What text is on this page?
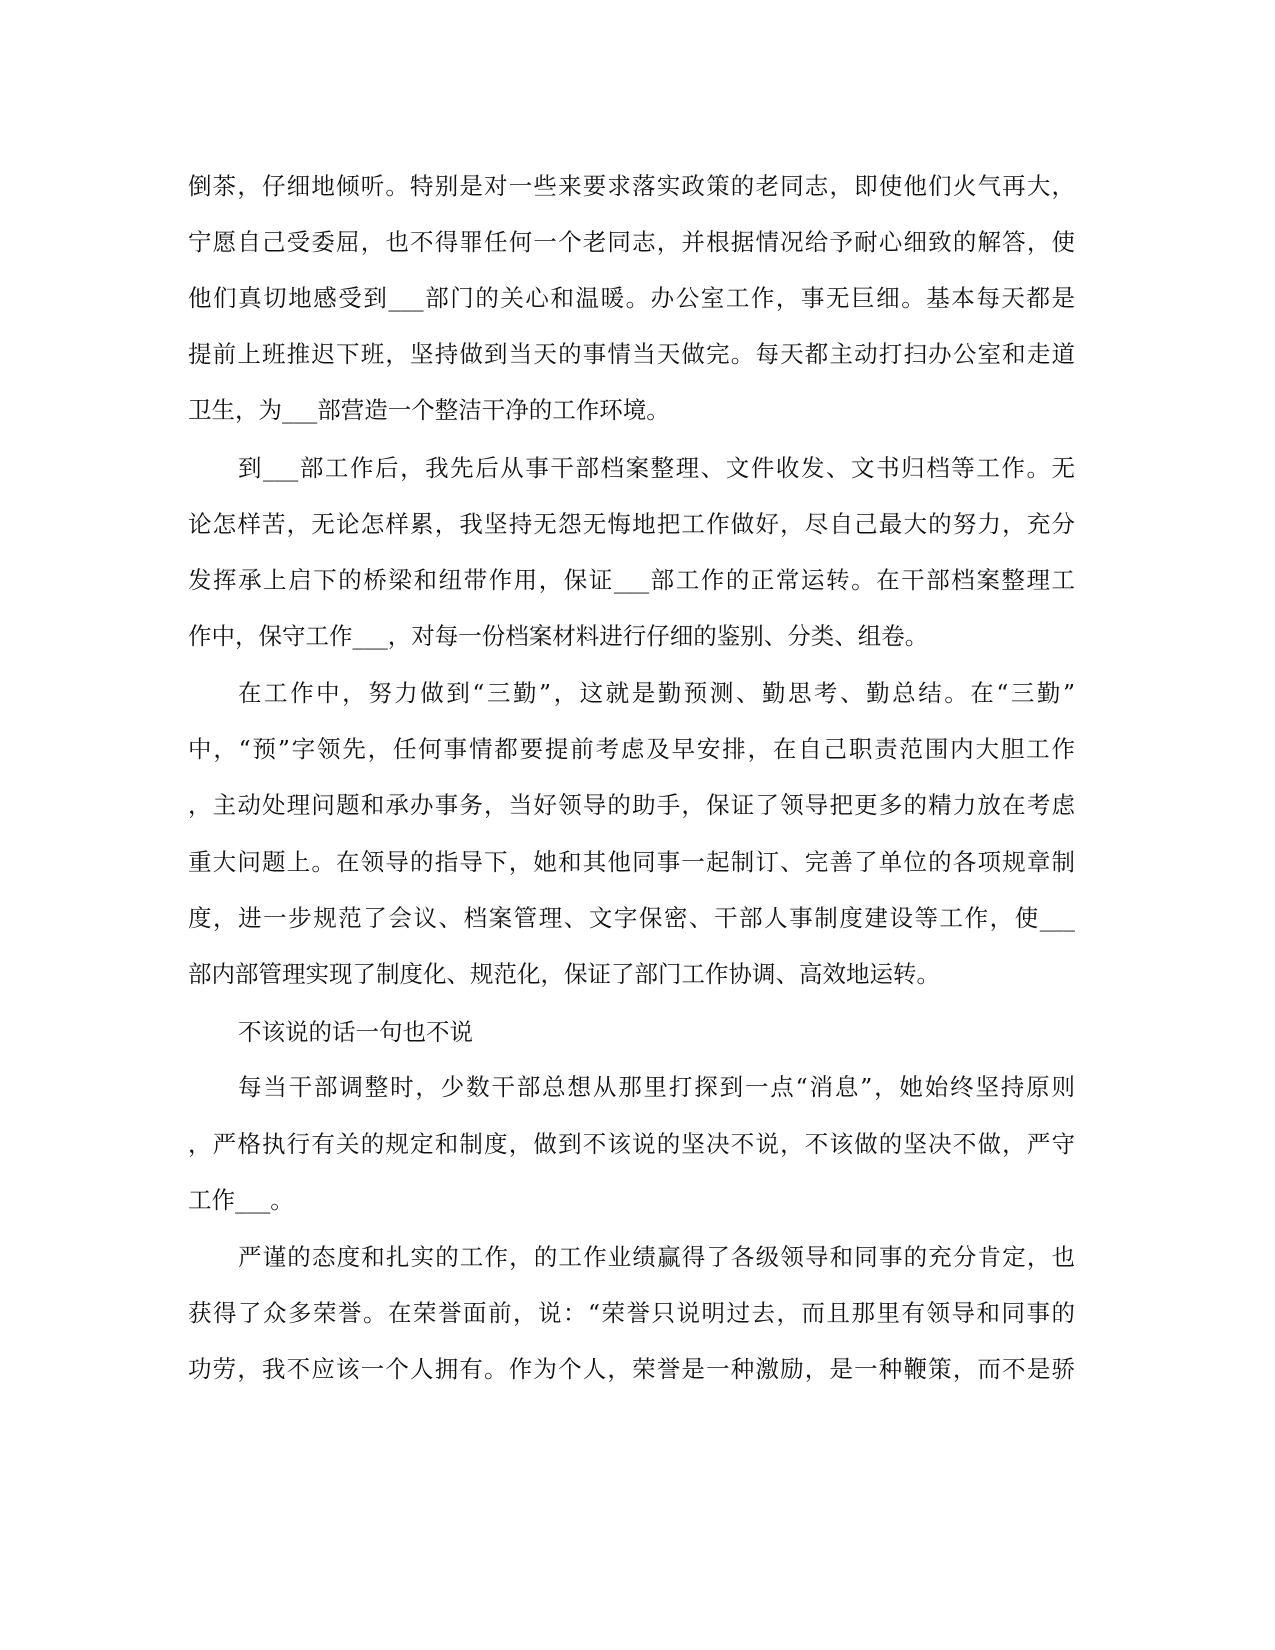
倒茶，仔细地倾听。特别是对一些来要求落实政策的老同志，即使他们火气再大，
宁愿自己受委屈，也不得罪任何一个老同志，并根据情况给予耐心细致的解答，使
他们真切地感受到___部门的关心和温暖。办公室工作，事无巨细。基本每天都是
提前上班推迟下班，坚持做到当天的事情当天做完。每天都主动打扫办公室和走道
卫生，为___部营造一个整洁干净的工作环境。
到___部工作后，我先后从事干部档案整理、文件收发、文书归档等工作。无
论怎样苦，无论怎样累，我坚持无怨无悔地把工作做好，尽自己最大的努力，充分
发挥承上启下的桥梁和纽带作用，保证___部工作的正常运转。在干部档案整理工
作中，保守工作___，对每一份档案材料进行仔细的鉴别、分类、组卷。
在工作中，努力做到“三勤”，这就是勤预测、勤思考、勤总结。在“三勤”
中，“预”字领先，任何事情都要提前考虑及早安排，在自己职责范围内大胆工作
，主动处理问题和承办事务，当好领导的助手，保证了领导把更多的精力放在考虑
重大问题上。在领导的指导下，她和其他同事一起制订、完善了单位的各项规章制
度，进一步规范了会议、档案管理、文字保密、干部人事制度建设等工作，使___
部内部管理实现了制度化、规范化，保证了部门工作协调、高效地运转。
不该说的话一句也不说
每当干部调整时，少数干部总想从那里打探到一点“消息”，她始终坚持原则
，严格执行有关的规定和制度，做到不该说的坚决不说，不该做的坚决不做，严守
工作___。
严谨的态度和扎实的工作，的工作业绩赢得了各级领导和同事的充分肯定，也
获得了众多荣誉。在荣誉面前，说：“荣誉只说明过去，而且那里有领导和同事的
功劳，我不应该一个人拥有。作为个人，荣誉是一种激励，是一种鞭策，而不是骄
